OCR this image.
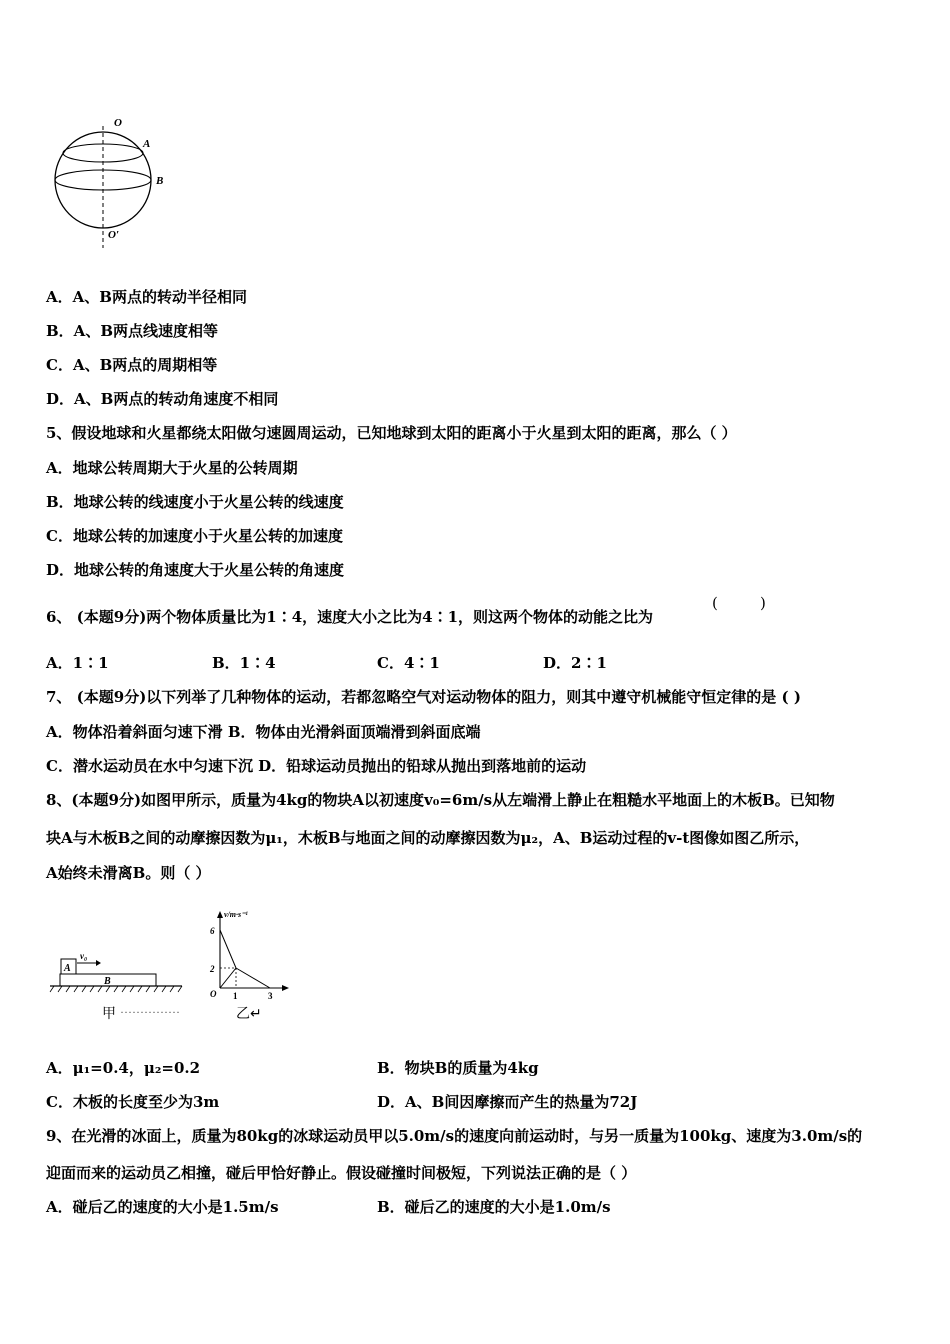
O
A
B
O′
A．A、B两点的转动半径相同
B．A、B两点线速度相等
C．A、B两点的周期相等
D．A、B两点的转动角速度不相同
5、假设地球和火星都绕太阳做匀速圆周运动，已知地球到太阳的距离小于火星到太阳的距离，那么（ ）
A．地球公转周期大于火星的公转周期
B．地球公转的线速度小于火星公转的线速度
C．地球公转的加速度小于火星公转的加速度
D．地球公转的角速度大于火星公转的角速度
6、 (本题9分)两个物体质量比为1∶4，速度大小之比为4∶1，则这两个物体的动能之比为
(	)
A．1∶1	B．1∶4	C．4∶1	D．2∶1
7、 (本题9分)以下列举了几种物体的运动，若都忽略空气对运动物体的阻力，则其中遵守机械能守恒定律的是 ( )
A．物体沿着斜面匀速下滑 B．物体由光滑斜面顶端滑到斜面底端
C．潜水运动员在水中匀速下沉 D．铅球运动员抛出的铅球从抛出到落地前的运动
8、(本题9分)如图甲所示，质量为4kg的物块A以初速度v₀=6m/s从左端滑上静止在粗糙水平地面上的木板B。已知物
块A与木板B之间的动摩擦因数为μ₁，木板B与地面之间的动摩擦因数为μ₂，A、B运动过程的v-t图像如图乙所示，
A始终未滑离B。则（ ）
A
v₀
B
v/m·s⁻¹
6
2
O 1	3
甲 ···············	乙↵
A．μ₁=0.4，μ₂=0.2	B．物块B的质量为4kg
C．木板的长度至少为3m	D．A、B间因摩擦而产生的热量为72J
9、在光滑的冰面上，质量为80kg的冰球运动员甲以5.0m/s的速度向前运动时，与另一质量为100kg、速度为3.0m/s的
迎面而来的运动员乙相撞，碰后甲恰好静止。假设碰撞时间极短，下列说法正确的是（ ）
A．碰后乙的速度的大小是1.5m/s	B．碰后乙的速度的大小是1.0m/s
